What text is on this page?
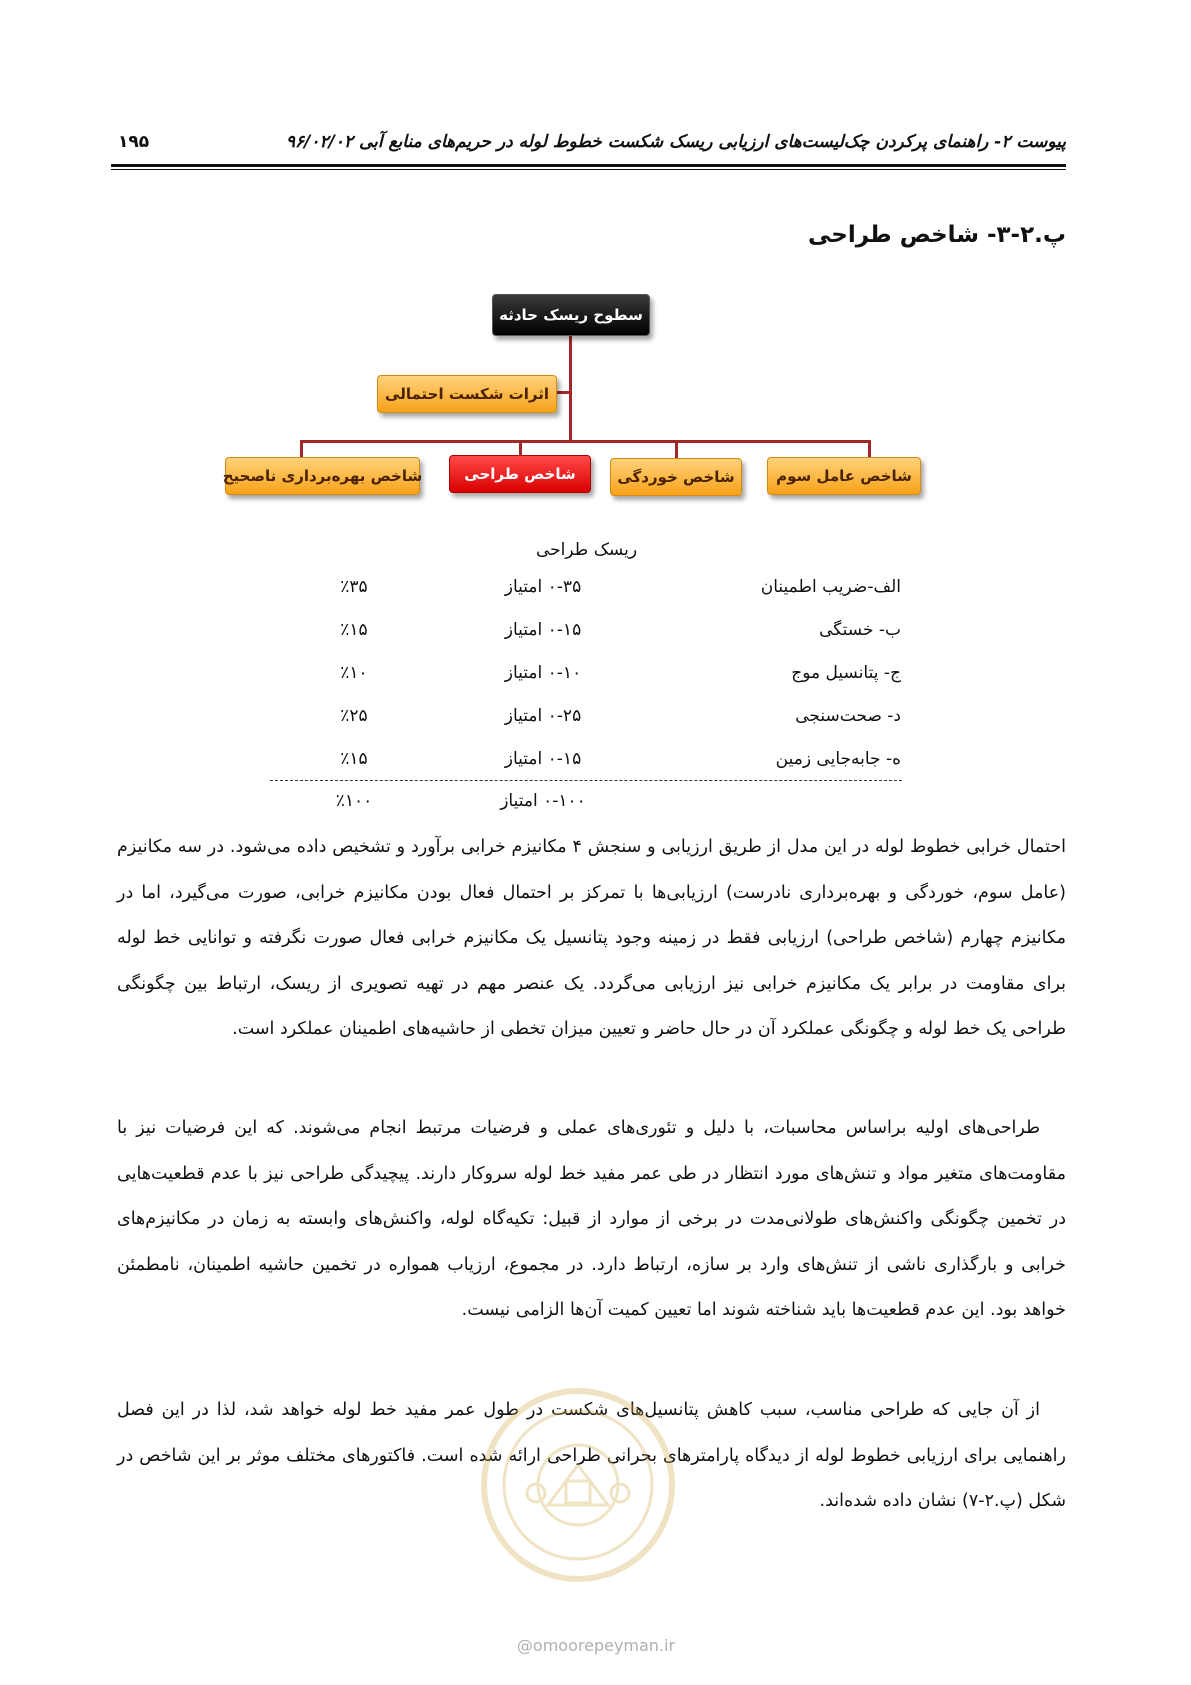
پیوست ۲- راهنمای پرکردن چک‌لیست‌های ارزیابی ریسک شکست خطوط لوله در حریم‌های منابع آبی ۹۶/۰۲/۰۲
۱۹۵
پ.۲-۳- شاخص طراحی
سطوح ریسک حادثه
اثرات شکست احتمالی
شاخص عامل سوم
شاخص خوردگی
شاخص طراحی
شاخص بهره‌برداری ناصحیح
ریسک طراحی
الف-ضریب اطمینان
۰-۳۵ امتیاز
٪۳۵
ب- خستگی
۰-۱۵ امتیاز
٪۱۵
ج- پتانسیل موج
۰-۱۰ امتیاز
٪۱۰
د- صحت‌سنجی
۰-۲۵ امتیاز
٪۲۵
ه- جابه‌جایی زمین
۰-۱۵ امتیاز
٪۱۵
۰-۱۰۰ امتیاز
٪۱۰۰
احتمال خرابی خطوط لوله در این مدل از طریق ارزیابی و سنجش ۴ مکانیزم خرابی برآورد و تشخیص داده می‌شود. در سه مکانیزم (عامل سوم، خوردگی و بهره‌برداری نادرست) ارزیابی‌ها با تمرکز بر احتمال فعال بودن مکانیزم خرابی، صورت می‌گیرد، اما در مکانیزم چهارم (شاخص طراحی) ارزیابی فقط در زمینه وجود پتانسیل یک مکانیزم خرابی فعال صورت نگرفته و توانایی خط لوله برای مقاومت در برابر یک مکانیزم خرابی نیز ارزیابی می‌گردد. یک عنصر مهم در تهیه تصویری از ریسک، ارتباط بین چگونگی طراحی یک خط لوله و چگونگی عملکرد آن در حال حاضر و تعیین میزان تخطی از حاشیه‌های اطمینان عملکرد است.
طراحی‌های اولیه براساس محاسبات، با دلیل و تئوری‌های عملی و فرضیات مرتبط انجام می‌شوند. که این فرضیات نیز با مقاومت‌های متغیر مواد و تنش‌های مورد انتظار در طی عمر مفید خط لوله سروکار دارند. پیچیدگی طراحی نیز با عدم قطعیت‌هایی در تخمین چگونگی واکنش‌های طولانی‌مدت در برخی از موارد از قبیل: تکیه‌گاه لوله، واکنش‌های وابسته به زمان در مکانیزم‌های خرابی و بارگذاری ناشی از تنش‌های وارد بر سازه، ارتباط دارد. در مجموع، ارزیاب همواره در تخمین حاشیه اطمینان، نامطمئن خواهد بود. این عدم قطعیت‌ها باید شناخته شوند اما تعیین کمیت آن‌ها الزامی نیست.
از آن جایی که طراحی مناسب، سبب کاهش پتانسیل‌های شکست در طول عمر مفید خط لوله خواهد شد، لذا در این فصل راهنمایی برای ارزیابی خطوط لوله از دیدگاه پارامترهای بحرانی طراحی ارائه شده است. فاکتورهای مختلف موثر بر این شاخص در شکل (پ.۲-۷) نشان داده شده‌اند.
@omoorepeyman.ir
